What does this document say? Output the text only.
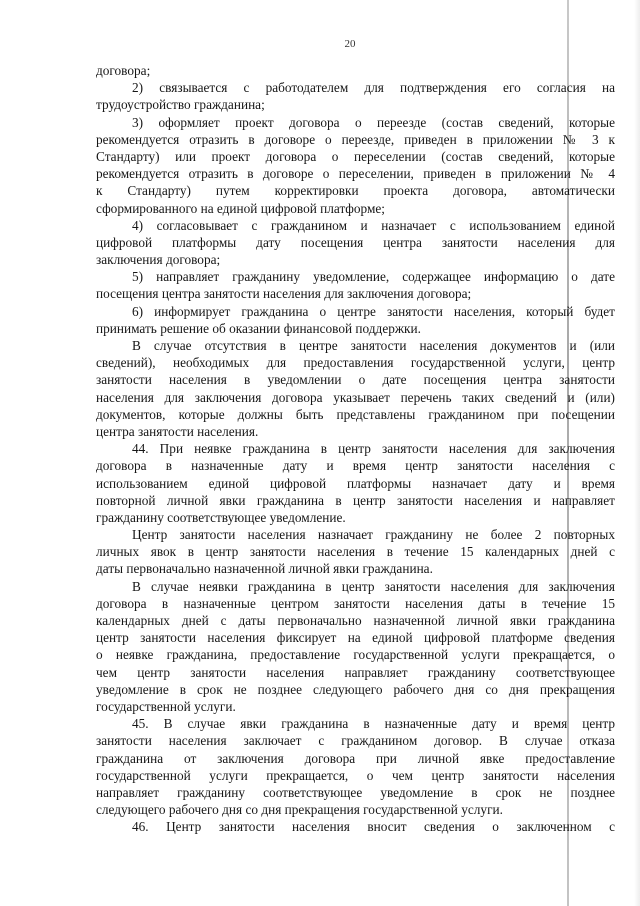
20
договора;
2) связывается с работодателем для подтверждения его согласия на
трудоустройство гражданина;
3) оформляет проект договора о переезде (состав сведений, которые
рекомендуется отразить в договоре о переезде, приведен в приложении № 3 к
Стандарту) или проект договора о переселении (состав сведений, которые
рекомендуется отразить в договоре о переселении, приведен в приложении № 4
к Стандарту) путем корректировки проекта договора, автоматически
сформированного на единой цифровой платформе;
4) согласовывает с гражданином и назначает с использованием единой
цифровой платформы дату посещения центра занятости населения для
заключения договора;
5) направляет гражданину уведомление, содержащее информацию о дате
посещения центра занятости населения для заключения договора;
6) информирует гражданина о центре занятости населения, который будет
принимать решение об оказании финансовой поддержки.
В случае отсутствия в центре занятости населения документов и (или
сведений), необходимых для предоставления государственной услуги, центр
занятости населения в уведомлении о дате посещения центра занятости
населения для заключения договора указывает перечень таких сведений и (или)
документов, которые должны быть представлены гражданином при посещении
центра занятости населения.
44. При неявке гражданина в центр занятости населения для заключения
договора в назначенные дату и время центр занятости населения с
использованием единой цифровой платформы назначает дату и время
повторной личной явки гражданина в центр занятости населения и направляет
гражданину соответствующее уведомление.
Центр занятости населения назначает гражданину не более 2 повторных
личных явок в центр занятости населения в течение 15 календарных дней с
даты первоначально назначенной личной явки гражданина.
В случае неявки гражданина в центр занятости населения для заключения
договора в назначенные центром занятости населения даты в течение 15
календарных дней с даты первоначально назначенной личной явки гражданина
центр занятости населения фиксирует на единой цифровой платформе сведения
о неявке гражданина, предоставление государственной услуги прекращается, о
чем центр занятости населения направляет гражданину соответствующее
уведомление в срок не позднее следующего рабочего дня со дня прекращения
государственной услуги.
45. В случае явки гражданина в назначенные дату и время центр
занятости населения заключает с гражданином договор. В случае отказа
гражданина от заключения договора при личной явке предоставление
государственной услуги прекращается, о чем центр занятости населения
направляет гражданину соответствующее уведомление в срок не позднее
следующего рабочего дня со дня прекращения государственной услуги.
46. Центр занятости населения вносит сведения о заключенном с
